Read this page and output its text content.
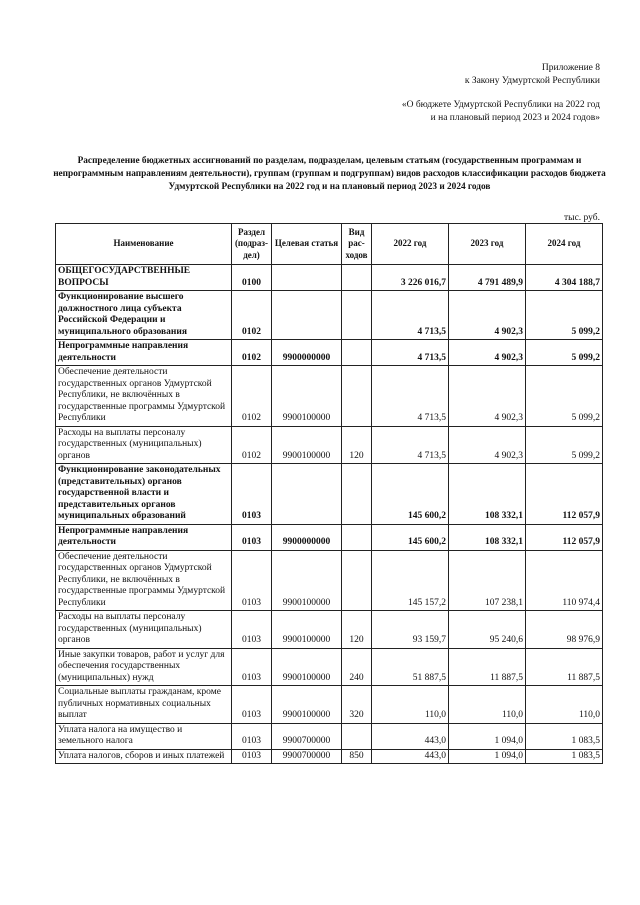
Приложение 8
к Закону Удмуртской Республики
«О бюджете Удмуртской Республики на 2022 год
и на плановый период 2023 и 2024 годов»
Распределение бюджетных ассигнований по разделам, подразделам, целевым статьям (государственным программам и непрограммным направлениям деятельности), группам (группам и подгруппам) видов расходов классификации расходов бюджета Удмуртской Республики на 2022 год и на плановый период 2023 и 2024 годов
тыс. руб.
Наименование	Раздел (подраз- дел)	Целевая статья	Вид рас- ходов	2022 год	2023 год	2024 год
ОБЩЕГОСУДАРСТВЕННЫЕ ВОПРОСЫ	0100			3 226 016,7	4 791 489,9	4 304 188,7
Функционирование высшего должностного лица субъекта Российской Федерации и муниципального образования	0102			4 713,5	4 902,3	5 099,2
Непрограммные направления деятельности	0102	9900000000		4 713,5	4 902,3	5 099,2
Обеспечение деятельности государственных органов Удмуртской Республики, не включённых в государственные программы Удмуртской Республики	0102	9900100000		4 713,5	4 902,3	5 099,2
Расходы на выплаты персоналу государственных (муниципальных) органов	0102	9900100000	120	4 713,5	4 902,3	5 099,2
Функционирование законодательных (представительных) органов государственной власти и представительных органов муниципальных образований	0103			145 600,2	108 332,1	112 057,9
Непрограммные направления деятельности	0103	9900000000		145 600,2	108 332,1	112 057,9
Обеспечение деятельности государственных органов Удмуртской Республики, не включённых в государственные программы Удмуртской Республики	0103	9900100000		145 157,2	107 238,1	110 974,4
Расходы на выплаты персоналу государственных (муниципальных) органов	0103	9900100000	120	93 159,7	95 240,6	98 976,9
Иные закупки товаров, работ и услуг для обеспечения государственных (муниципальных) нужд	0103	9900100000	240	51 887,5	11 887,5	11 887,5
Социальные выплаты гражданам, кроме публичных нормативных социальных выплат	0103	9900100000	320	110,0	110,0	110,0
Уплата налога на имущество и земельного налога	0103	9900700000		443,0	1 094,0	1 083,5
Уплата налогов, сборов и иных платежей	0103	9900700000	850	443,0	1 094,0	1 083,5
